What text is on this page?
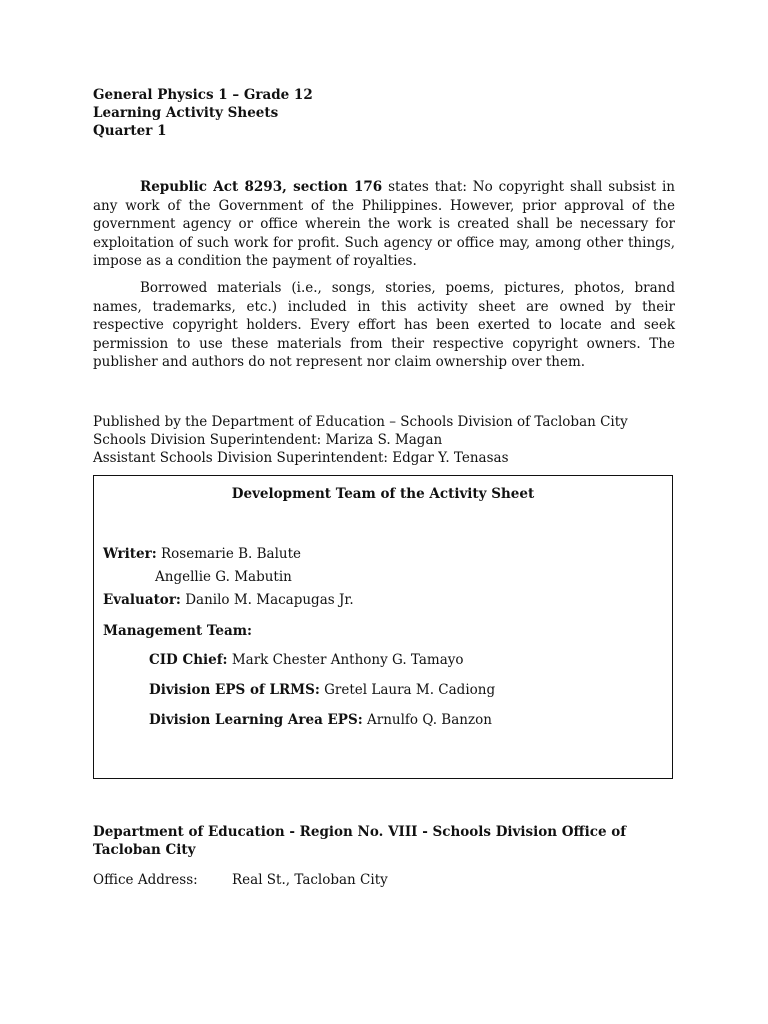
General Physics 1 – Grade 12
Learning Activity Sheets
Quarter 1
Republic Act 8293, section 176 states that: No copyright shall subsist in any work of the Government of the Philippines. However, prior approval of the government agency or office wherein the work is created shall be necessary for exploitation of such work for profit. Such agency or office may, among other things, impose as a condition the payment of royalties.
Borrowed materials (i.e., songs, stories, poems, pictures, photos, brand names, trademarks, etc.) included in this activity sheet are owned by their respective copyright holders. Every effort has been exerted to locate and seek permission to use these materials from their respective copyright owners. The publisher and authors do not represent nor claim ownership over them.
Published by the Department of Education – Schools Division of Tacloban City
Schools Division Superintendent: Mariza S. Magan
Assistant Schools Division Superintendent: Edgar Y. Tenasas
Development Team of the Activity Sheet
Writer: Rosemarie B. Balute
Angellie G. Mabutin
Evaluator: Danilo M. Macapugas Jr.
Management Team:
CID Chief: Mark Chester Anthony G. Tamayo
Division EPS of LRMS: Gretel Laura M. Cadiong
Division Learning Area EPS: Arnulfo Q. Banzon
Department of Education - Region No. VIII - Schools Division Office of Tacloban City
Office Address:	Real St., Tacloban City
